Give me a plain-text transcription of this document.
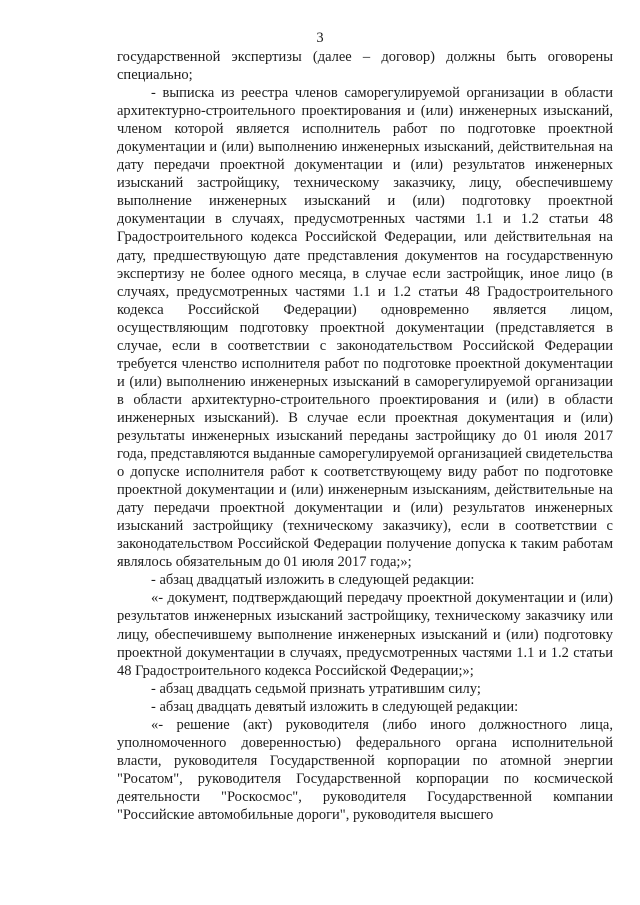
3

государственной экспертизы (далее – договор) должны быть оговорены специально;

- выписка из реестра членов саморегулируемой организации в области архитектурно-строительного проектирования и (или) инженерных изысканий, членом которой является исполнитель работ по подготовке проектной документации и (или) выполнению инженерных изысканий, действительная на дату передачи проектной документации и (или) результатов инженерных изысканий застройщику, техническому заказчику, лицу, обеспечившему выполнение инженерных изысканий и (или) подготовку проектной документации в случаях, предусмотренных частями 1.1 и 1.2 статьи 48 Градостроительного кодекса Российской Федерации, или действительная на дату, предшествующую дате представления документов на государственную экспертизу не более одного месяца, в случае если застройщик, иное лицо (в случаях, предусмотренных частями 1.1 и 1.2 статьи 48 Градостроительного кодекса Российской Федерации) одновременно является лицом, осуществляющим подготовку проектной документации (представляется в случае, если в соответствии с законодательством Российской Федерации требуется членство исполнителя работ по подготовке проектной документации и (или) выполнению инженерных изысканий в саморегулируемой организации в области архитектурно-строительного проектирования и (или) в области инженерных изысканий). В случае если проектная документация и (или) результаты инженерных изысканий переданы застройщику до 01 июля 2017 года, представляются выданные саморегулируемой организацией свидетельства о допуске исполнителя работ к соответствующему виду работ по подготовке проектной документации и (или) инженерным изысканиям, действительные на дату передачи проектной документации и (или) результатов инженерных изысканий застройщику (техническому заказчику), если в соответствии с законодательством Российской Федерации получение допуска к таким работам являлось обязательным до 01 июля 2017 года;»;

- абзац двадцатый изложить в следующей редакции:

«- документ, подтверждающий передачу проектной документации и (или) результатов инженерных изысканий застройщику, техническому заказчику или лицу, обеспечившему выполнение инженерных изысканий и (или) подготовку проектной документации в случаях, предусмотренных частями 1.1 и 1.2 статьи 48 Градостроительного кодекса Российской Федерации;»;

- абзац двадцать седьмой признать утратившим силу;

- абзац двадцать девятый изложить в следующей редакции:

«- решение (акт) руководителя (либо иного должностного лица, уполномоченного доверенностью) федерального органа исполнительной власти, руководителя Государственной корпорации по атомной энергии "Росатом", руководителя Государственной корпорации по космической деятельности "Роскосмос", руководителя Государственной компании "Российские автомобильные дороги", руководителя высшего
